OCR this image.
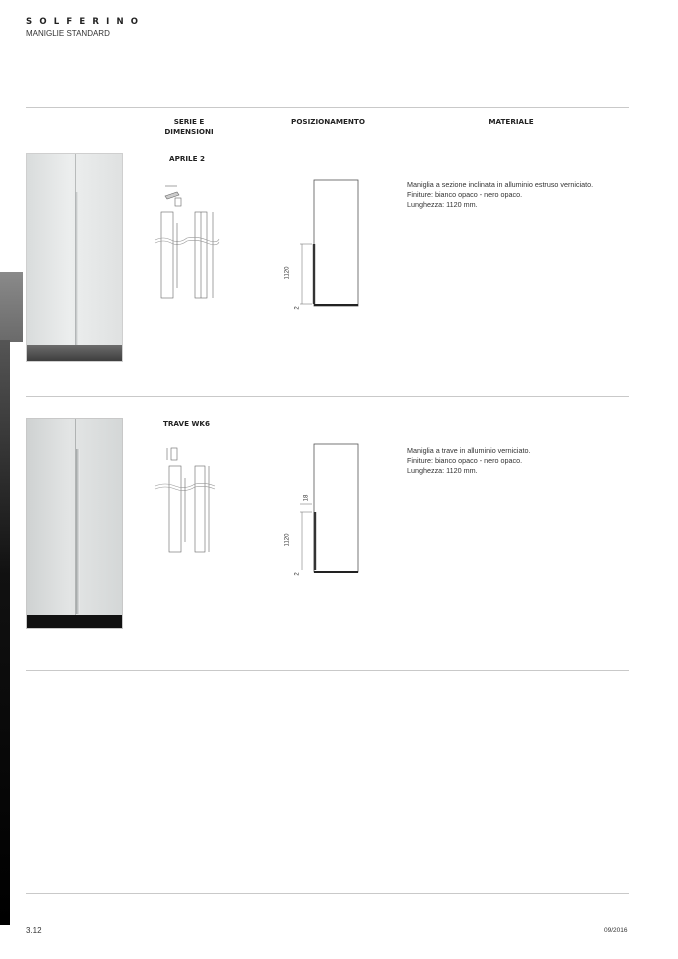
SOLFERINO
MANIGLIE STANDARD
SERIE E
DIMENSIONI
POSIZIONAMENTO	MATERIALE
APRILE 2
1120
2
Maniglia a sezione inclinata in alluminio estruso verniciato.
Finiture: bianco opaco - nero opaco.
Lunghezza: 1120 mm.
TRAVE WK6
18
1120
2
Maniglia a trave in alluminio verniciato.
Finiture: bianco opaco - nero opaco.
Lunghezza: 1120 mm.
3.12	09/2016
